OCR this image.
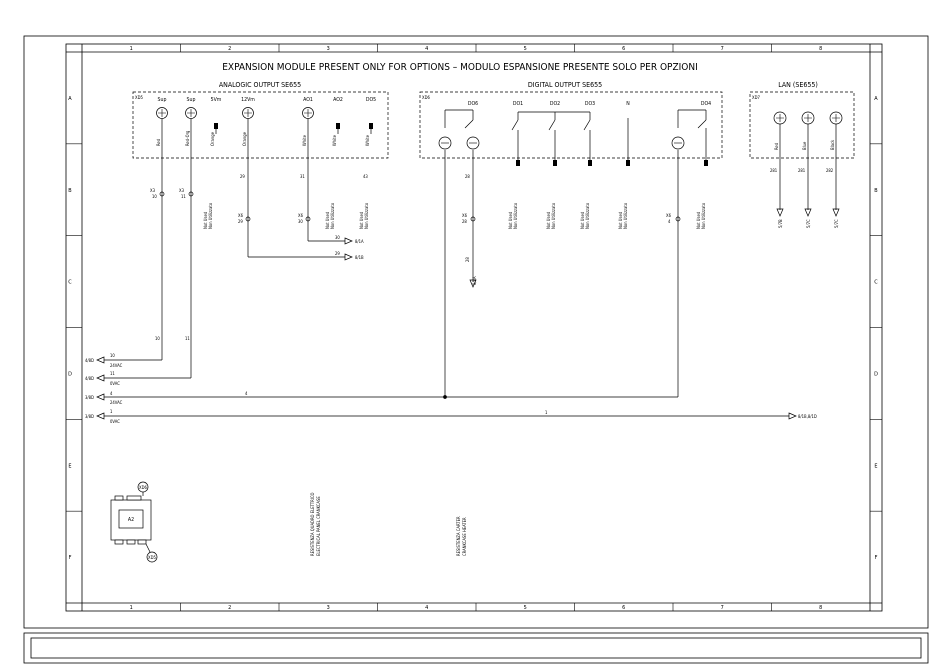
1
1
2
2
3
3
4
4
5
5
6
6
7
7
8
8
A	A
B	B
C	C
D	D
E	E
F	F
EXPANSION MODULE PRESENT ONLY FOR OPTIONS – MODULO ESPANSIONE PRESENTE SOLO PER OPZIONI
ANALOGIC OUTPUT SE655	DIGITAL OUTPUT SE655	LAN (SE655)
XD5	XD6	XD7
Sup	Sup	5Vm	12Vm	AO1	AO2	DO5
Red	Red-Org	Orange	Orange	White	White	White
X3
10
X3
11
X6
29
X6
30
X6
28
X6
4
29	31	43	28
30
29
28
10	11
4
1
8/1A
8/1B
8/4A
5/7B	5/7C	5/7C
8/1B,8/1D
Not Used Non Utilizzato	Not Used Non Utilizzato	Not Used Non Utilizzato	Not Used Non Utilizzato	Not Used Non Utilizzato	Not Used Non Utilizzato	Not Used Non Utilizzato	Not Used Non Utilizzato
DO6	DO1	DO2	DO3	N	DO4
Red	Blue	Black
281	281	282
4/8D
10
24VAC
4/8D
11
0VAC
3/8D
4
24VAC
3/8D
1
0VAC
A2
XD6
XD5
RESISTENZA QUADRO ELETTRICO ELECTRICAL PANEL CRANKCASE	RESISTENZA CARTER CRANKCASE HEATER
